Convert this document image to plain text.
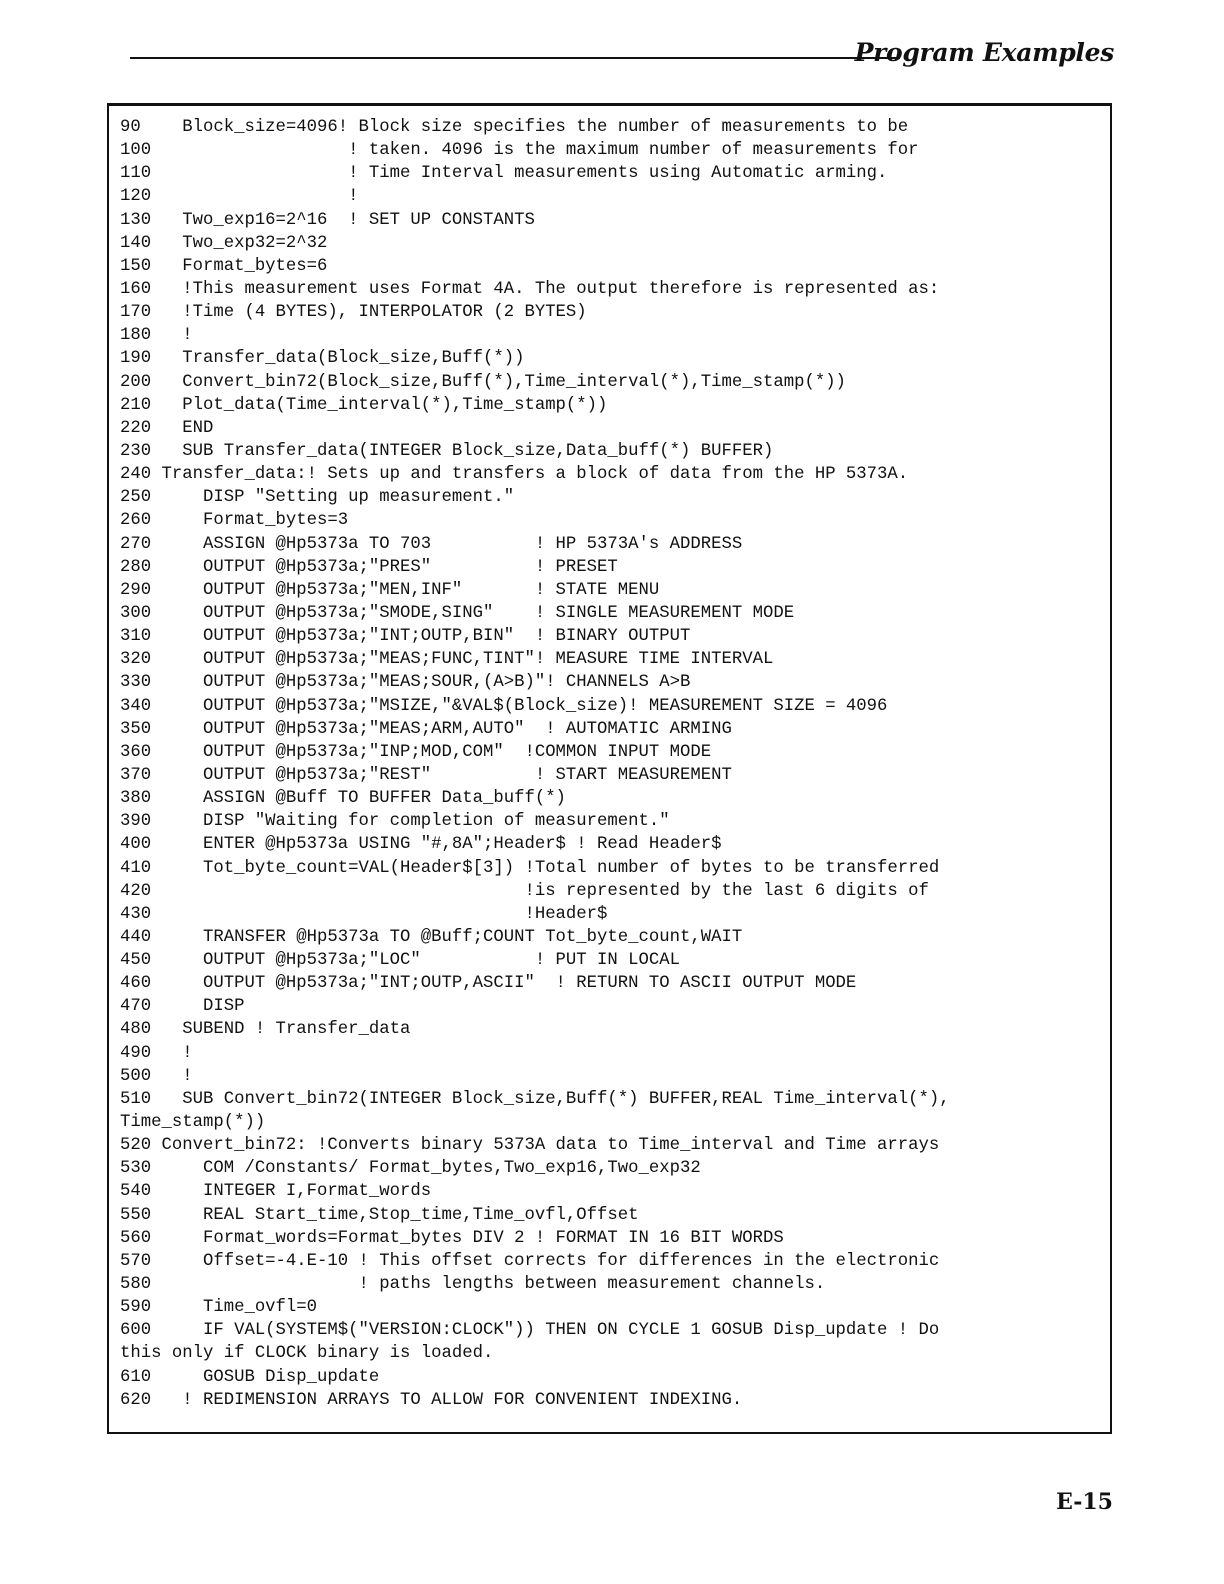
Program Examples
90    Block_size=4096! Block size specifies the number of measurements to be
100                   ! taken. 4096 is the maximum number of measurements for
110                   ! Time Interval measurements using Automatic arming.
120                   !
130   Two_exp16=2^16  ! SET UP CONSTANTS
140   Two_exp32=2^32
150   Format_bytes=6
160   !This measurement uses Format 4A. The output therefore is represented as:
170   !Time (4 BYTES), INTERPOLATOR (2 BYTES)
180   !
190   Transfer_data(Block_size,Buff(*))
200   Convert_bin72(Block_size,Buff(*),Time_interval(*),Time_stamp(*))
210   Plot_data(Time_interval(*),Time_stamp(*))
220   END
230   SUB Transfer_data(INTEGER Block_size,Data_buff(*) BUFFER)
240 Transfer_data:! Sets up and transfers a block of data from the HP 5373A.
250     DISP "Setting up measurement."
260     Format_bytes=3
270     ASSIGN @Hp5373a TO 703          ! HP 5373A's ADDRESS
280     OUTPUT @Hp5373a;"PRES"          ! PRESET
290     OUTPUT @Hp5373a;"MEN,INF"       ! STATE MENU
300     OUTPUT @Hp5373a;"SMODE,SING"    ! SINGLE MEASUREMENT MODE
310     OUTPUT @Hp5373a;"INT;OUTP,BIN"  ! BINARY OUTPUT
320     OUTPUT @Hp5373a;"MEAS;FUNC,TINT"! MEASURE TIME INTERVAL
330     OUTPUT @Hp5373a;"MEAS;SOUR,(A>B)"! CHANNELS A>B
340     OUTPUT @Hp5373a;"MSIZE,"&VAL$(Block_size)! MEASUREMENT SIZE = 4096
350     OUTPUT @Hp5373a;"MEAS;ARM,AUTO"  ! AUTOMATIC ARMING
360     OUTPUT @Hp5373a;"INP;MOD,COM"  !COMMON INPUT MODE
370     OUTPUT @Hp5373a;"REST"          ! START MEASUREMENT
380     ASSIGN @Buff TO BUFFER Data_buff(*)
390     DISP "Waiting for completion of measurement."
400     ENTER @Hp5373a USING "#,8A";Header$ ! Read Header$
410     Tot_byte_count=VAL(Header$[3]) !Total number of bytes to be transferred
420                                    !is represented by the last 6 digits of
430                                    !Header$
440     TRANSFER @Hp5373a TO @Buff;COUNT Tot_byte_count,WAIT
450     OUTPUT @Hp5373a;"LOC"           ! PUT IN LOCAL
460     OUTPUT @Hp5373a;"INT;OUTP,ASCII"  ! RETURN TO ASCII OUTPUT MODE
470     DISP
480   SUBEND ! Transfer_data
490   !
500   !
510   SUB Convert_bin72(INTEGER Block_size,Buff(*) BUFFER,REAL Time_interval(*),
Time_stamp(*))
520 Convert_bin72: !Converts binary 5373A data to Time_interval and Time arrays
530     COM /Constants/ Format_bytes,Two_exp16,Two_exp32
540     INTEGER I,Format_words
550     REAL Start_time,Stop_time,Time_ovfl,Offset
560     Format_words=Format_bytes DIV 2 ! FORMAT IN 16 BIT WORDS
570     Offset=-4.E-10 ! This offset corrects for differences in the electronic
580                    ! paths lengths between measurement channels.
590     Time_ovfl=0
600     IF VAL(SYSTEM$("VERSION:CLOCK")) THEN ON CYCLE 1 GOSUB Disp_update ! Do
this only if CLOCK binary is loaded.
610     GOSUB Disp_update
620   ! REDIMENSION ARRAYS TO ALLOW FOR CONVENIENT INDEXING.
E-15
